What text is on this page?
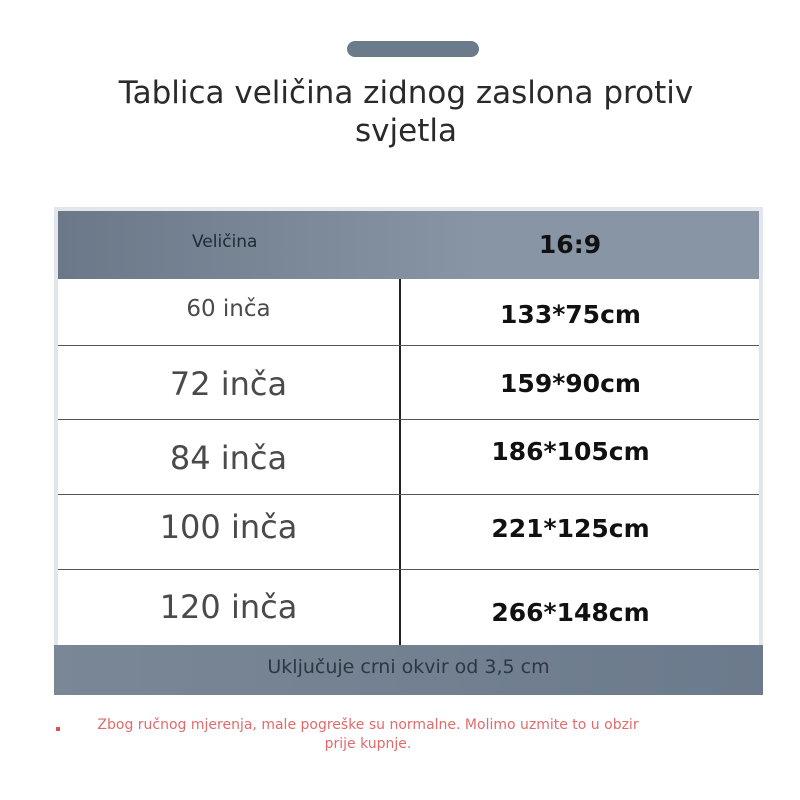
Tablica veličina zidnog zaslona protiv svjetla
Veličina	16:9
60 inča	133*75cm
72 inča	159*90cm
84 inča	186*105cm
100 inča	221*125cm
120 inča	266*148cm
Uključuje crni okvir od 3,5 cm

Zbog ručnog mjerenja, male pogreške su normalne. Molimo uzmite to u obzir prije kupnje.
